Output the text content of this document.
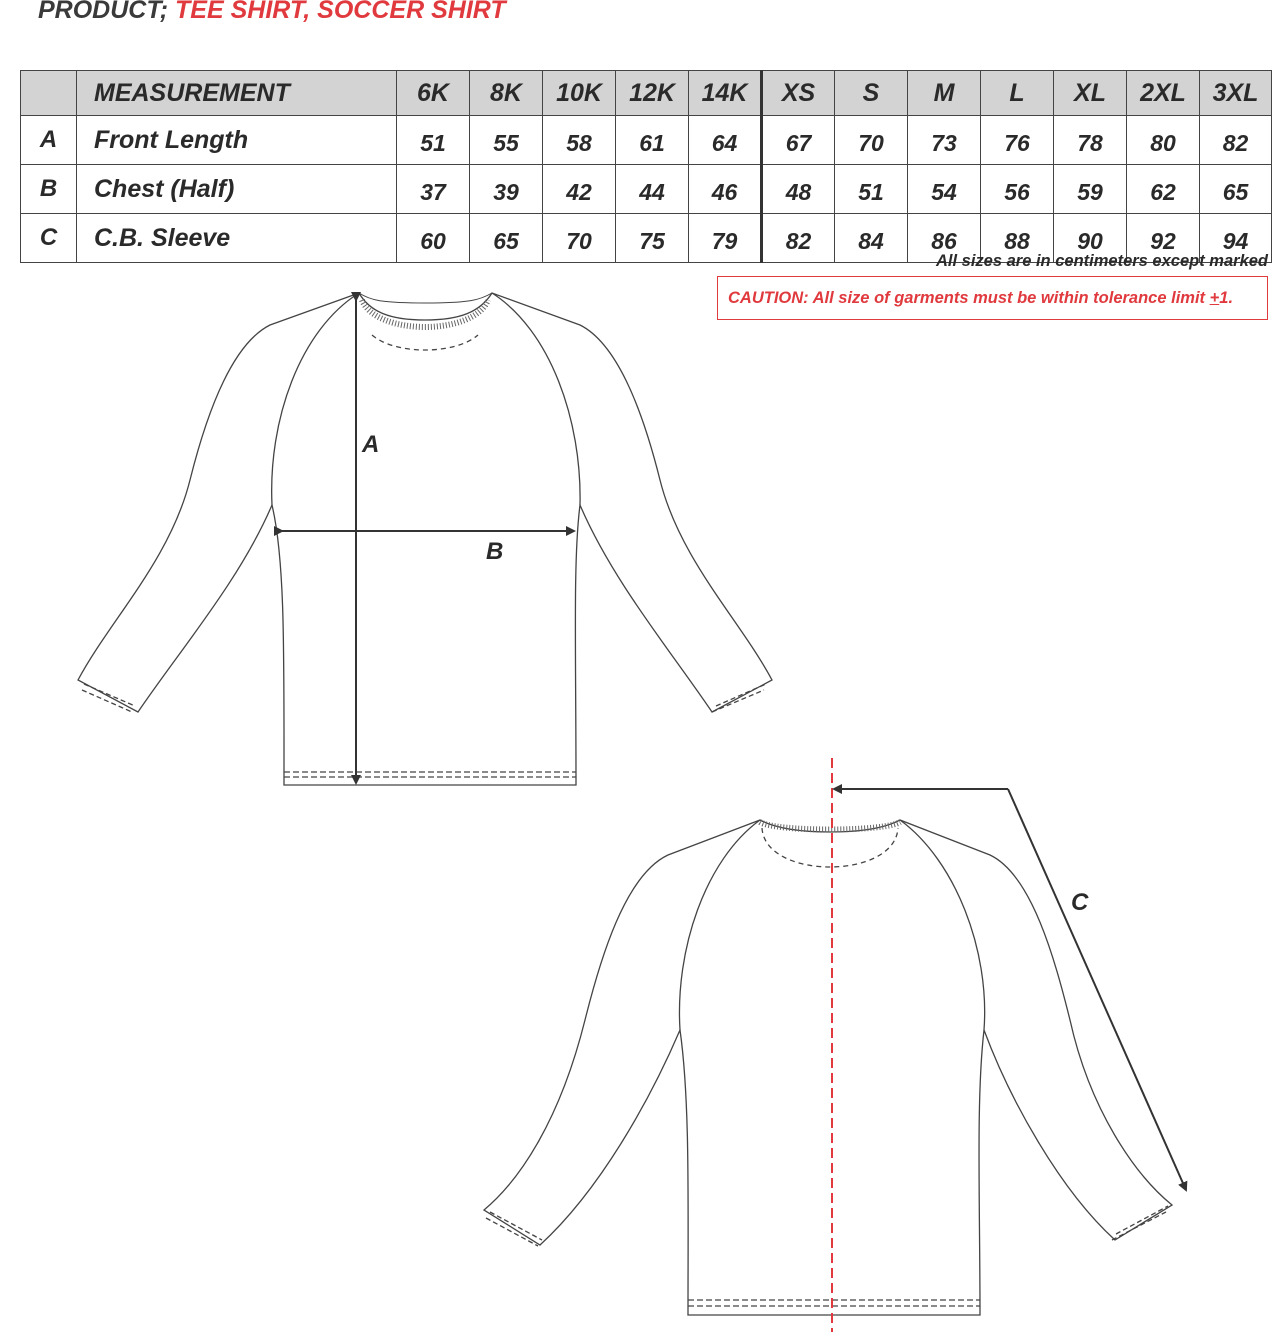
PRODUCT; TEE SHIRT, SOCCER SHIRT
	MEASUREMENT	6K	8K	10K	12K	14K	XS	S	M	L	XL	2XL	3XL
A	Front Length	51	55	58	61	64	67	70	73	76	78	80	82
B	Chest (Half)	37	39	42	44	46	48	51	54	56	59	62	65
C	C.B. Sleeve	60	65	70	75	79	82	84	86	88	90	92	94
All sizes are in centimeters except marked
CAUTION: All size of garments must be within tolerance limit +1.
A
B
C
